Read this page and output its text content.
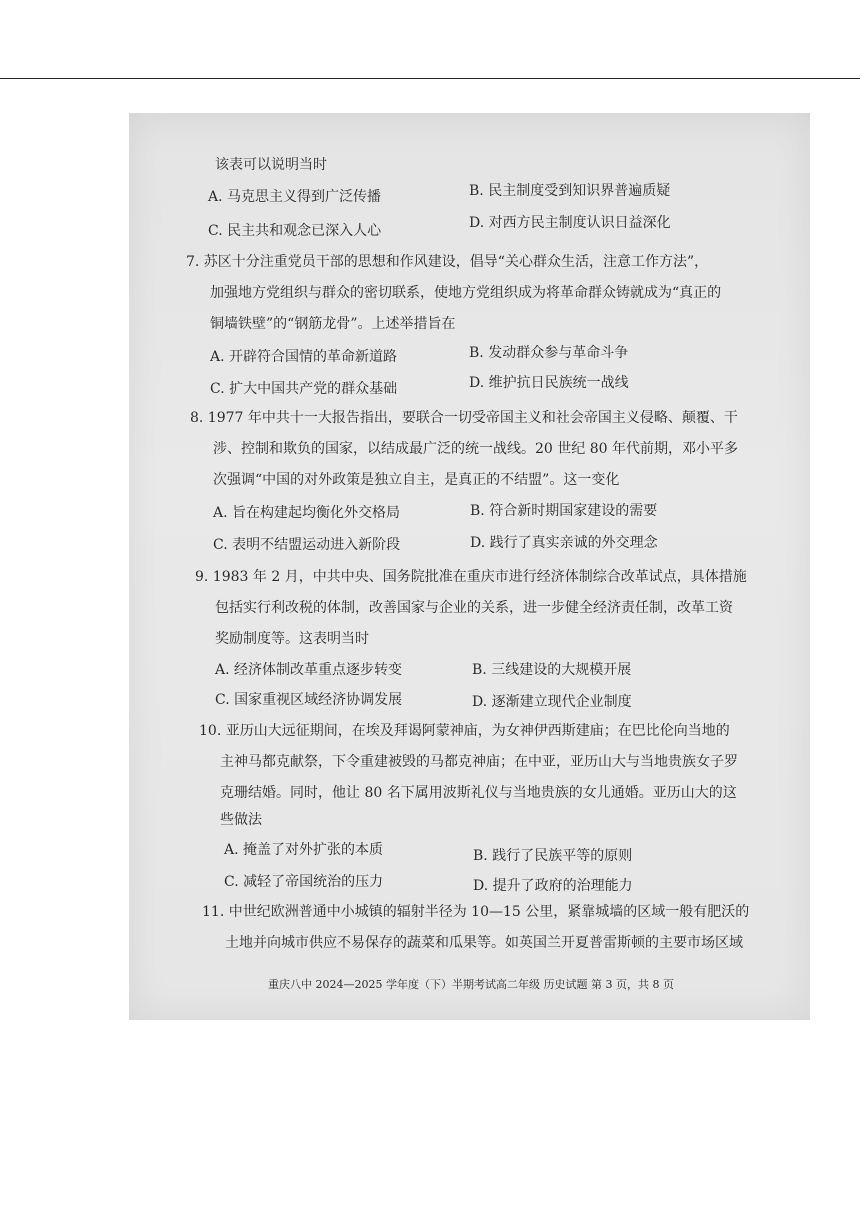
该表可以说明当时
A. 马克思主义得到广泛传播	B. 民主制度受到知识界普遍质疑
C. 民主共和观念已深入人心	D. 对西方民主制度认识日益深化
7. 苏区十分注重党员干部的思想和作风建设，倡导“关心群众生活，注意工作方法”，
加强地方党组织与群众的密切联系，使地方党组织成为将革命群众铸就成为“真正的
铜墙铁壁”的“钢筋龙骨”。上述举措旨在
A. 开辟符合国情的革命新道路	B. 发动群众参与革命斗争
C. 扩大中国共产党的群众基础	D. 维护抗日民族统一战线
8. 1977 年中共十一大报告指出，要联合一切受帝国主义和社会帝国主义侵略、颠覆、干
涉、控制和欺负的国家，以结成最广泛的统一战线。20 世纪 80 年代前期，邓小平多
次强调“中国的对外政策是独立自主，是真正的不结盟”。这一变化
A. 旨在构建起均衡化外交格局	B. 符合新时期国家建设的需要
C. 表明不结盟运动进入新阶段	D. 践行了真实亲诚的外交理念
9. 1983 年 2 月，中共中央、国务院批准在重庆市进行经济体制综合改革试点，具体措施
包括实行利改税的体制，改善国家与企业的关系，进一步健全经济责任制，改革工资
奖励制度等。这表明当时
A. 经济体制改革重点逐步转变	B. 三线建设的大规模开展
C. 国家重视区域经济协调发展	D. 逐渐建立现代企业制度
10. 亚历山大远征期间，在埃及拜谒阿蒙神庙，为女神伊西斯建庙；在巴比伦向当地的
主神马都克献祭，下令重建被毁的马都克神庙；在中亚，亚历山大与当地贵族女子罗
克珊结婚。同时，他让 80 名下属用波斯礼仪与当地贵族的女儿通婚。亚历山大的这
些做法
A. 掩盖了对外扩张的本质	B. 践行了民族平等的原则
C. 减轻了帝国统治的压力	D. 提升了政府的治理能力
11. 中世纪欧洲普通中小城镇的辐射半径为 10—15 公里，紧靠城墙的区域一般有肥沃的
土地并向城市供应不易保存的蔬菜和瓜果等。如英国兰开夏普雷斯顿的主要市场区域
重庆八中 2024—2025 学年度（下）半期考试高二年级 历史试题 第 3 页，共 8 页
